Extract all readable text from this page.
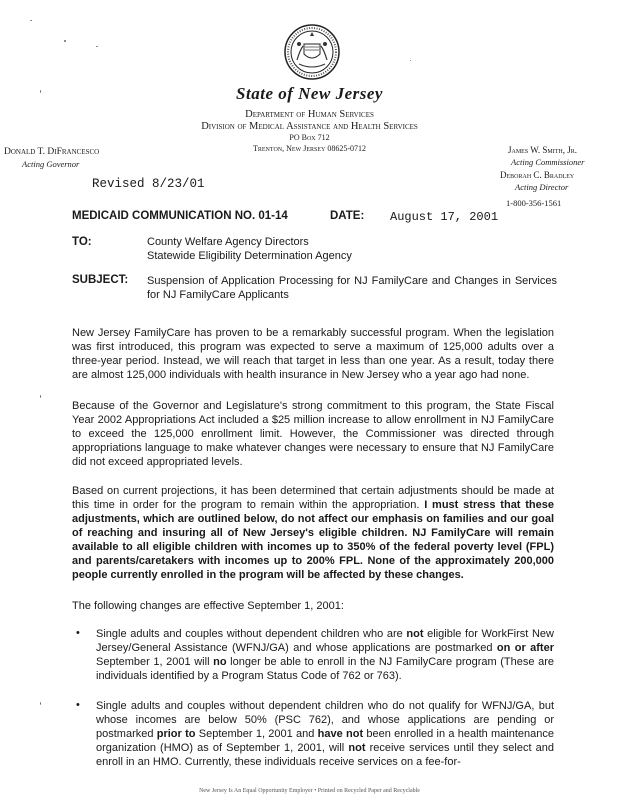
State of New Jersey
Department of Human Services
Division of Medical Assistance and Health Services
PO Box 712
Trenton, New Jersey 08625-0712
Donald T. DiFrancesco
Acting Governor
James W. Smith, Jr.
Acting Commissioner
Deborah C. Bradley
Acting Director
1-800-356-1561
Revised 8/23/01
MEDICAID COMMUNICATION NO. 01-14	DATE: August 17, 2001
TO:	County Welfare Agency Directors
Statewide Eligibility Determination Agency
SUBJECT: Suspension of Application Processing for NJ FamilyCare and Changes in Services for NJ FamilyCare Applicants
New Jersey FamilyCare has proven to be a remarkably successful program. When the legislation was first introduced, this program was expected to serve a maximum of 125,000 adults over a three-year period. Instead, we will reach that target in less than one year. As a result, today there are almost 125,000 individuals with health insurance in New Jersey who a year ago had none.
Because of the Governor and Legislature's strong commitment to this program, the State Fiscal Year 2002 Appropriations Act included a $25 million increase to allow enrollment in NJ FamilyCare to exceed the 125,000 enrollment limit. However, the Commissioner was directed through appropriations language to make whatever changes were necessary to ensure that NJ FamilyCare did not exceed appropriated levels.
Based on current projections, it has been determined that certain adjustments should be made at this time in order for the program to remain within the appropriation. I must stress that these adjustments, which are outlined below, do not affect our emphasis on families and our goal of reaching and insuring all of New Jersey's eligible children. NJ FamilyCare will remain available to all eligible children with incomes up to 350% of the federal poverty level (FPL) and parents/caretakers with incomes up to 200% FPL. None of the approximately 200,000 people currently enrolled in the program will be affected by these changes.
The following changes are effective September 1, 2001:
• Single adults and couples without dependent children who are not eligible for WorkFirst New Jersey/General Assistance (WFNJ/GA) and whose applications are postmarked on or after September 1, 2001 will no longer be able to enroll in the NJ FamilyCare program (These are individuals identified by a Program Status Code of 762 or 763).
• Single adults and couples without dependent children who do not qualify for WFNJ/GA, but whose incomes are below 50% (PSC 762), and whose applications are pending or postmarked prior to September 1, 2001 and have not been enrolled in a health maintenance organization (HMO) as of September 1, 2001, will not receive services until they select and enroll in an HMO. Currently, these individuals receive services on a fee-for-
New Jersey Is An Equal Opportunity Employer • Printed on Recycled Paper and Recyclable
